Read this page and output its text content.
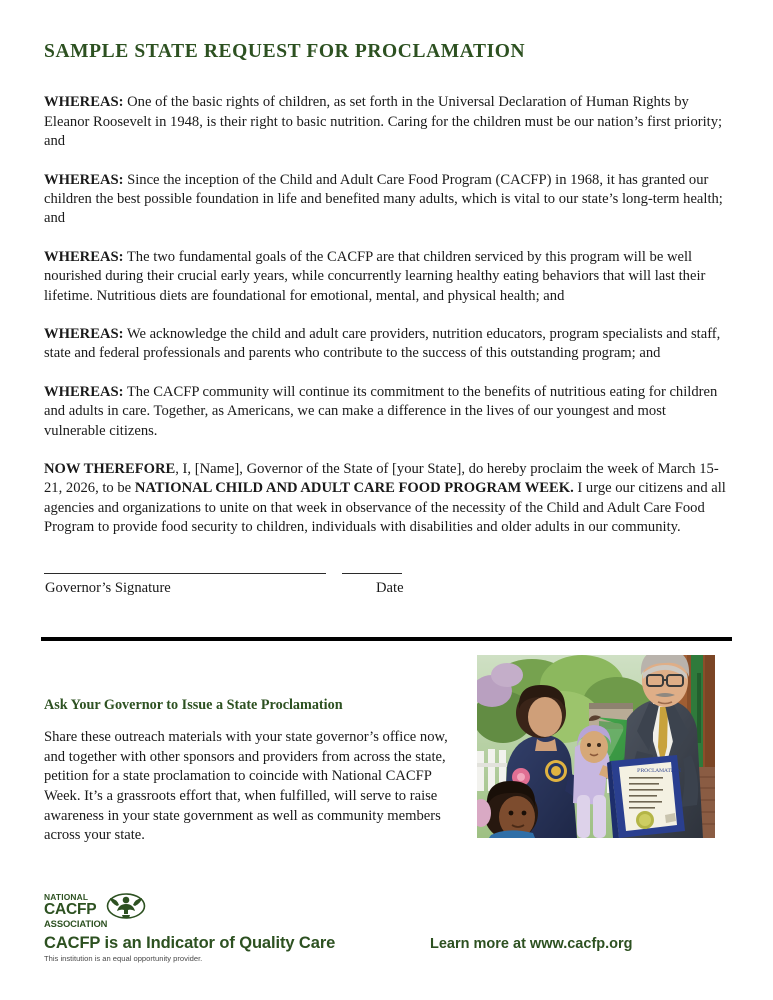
SAMPLE STATE REQUEST FOR PROCLAMATION

WHEREAS: One of the basic rights of children, as set forth in the Universal Declaration of Human Rights by Eleanor Roosevelt in 1948, is their right to basic nutrition. Caring for the children must be our nation’s first priority; and

WHEREAS: Since the inception of the Child and Adult Care Food Program (CACFP) in 1968, it has granted our children the best possible foundation in life and benefited many adults, which is vital to our state’s long-term health; and

WHEREAS: The two fundamental goals of the CACFP are that children serviced by this program will be well nourished during their crucial early years, while concurrently learning healthy eating behaviors that will last their lifetime. Nutritious diets are foundational for emotional, mental, and physical health; and

WHEREAS: We acknowledge the child and adult care providers, nutrition educators, program specialists and staff, state and federal professionals and parents who contribute to the success of this outstanding program; and

WHEREAS: The CACFP community will continue its commitment to the benefits of nutritious eating for children and adults in care. Together, as Americans, we can make a difference in the lives of our youngest and most vulnerable citizens.

NOW THEREFORE, I, [Name], Governor of the State of [your State], do hereby proclaim the week of March 15-21, 2026, to be NATIONAL CHILD AND ADULT CARE FOOD PROGRAM WEEK. I urge our citizens and all agencies and organizations to unite on that week in observance of the necessity of the Child and Adult Care Food Program to provide food security to children, individuals with disabilities and older adults in our community.

Governor’s Signature	Date
Ask Your Governor to Issue a State Proclamation

Share these outreach materials with your state governor’s office now, and together with other sponsors and providers from across the state, petition for a state proclamation to coincide with National CACFP Week. It’s a grassroots effort that, when fulfilled, will serve to raise awareness in your state government as well as community members across your state.

PROCLAMATION
NATIONAL
CACFP
ASSOCIATION
CACFP is an Indicator of Quality Care
This institution is an equal opportunity provider.
Learn more at www.cacfp.org
